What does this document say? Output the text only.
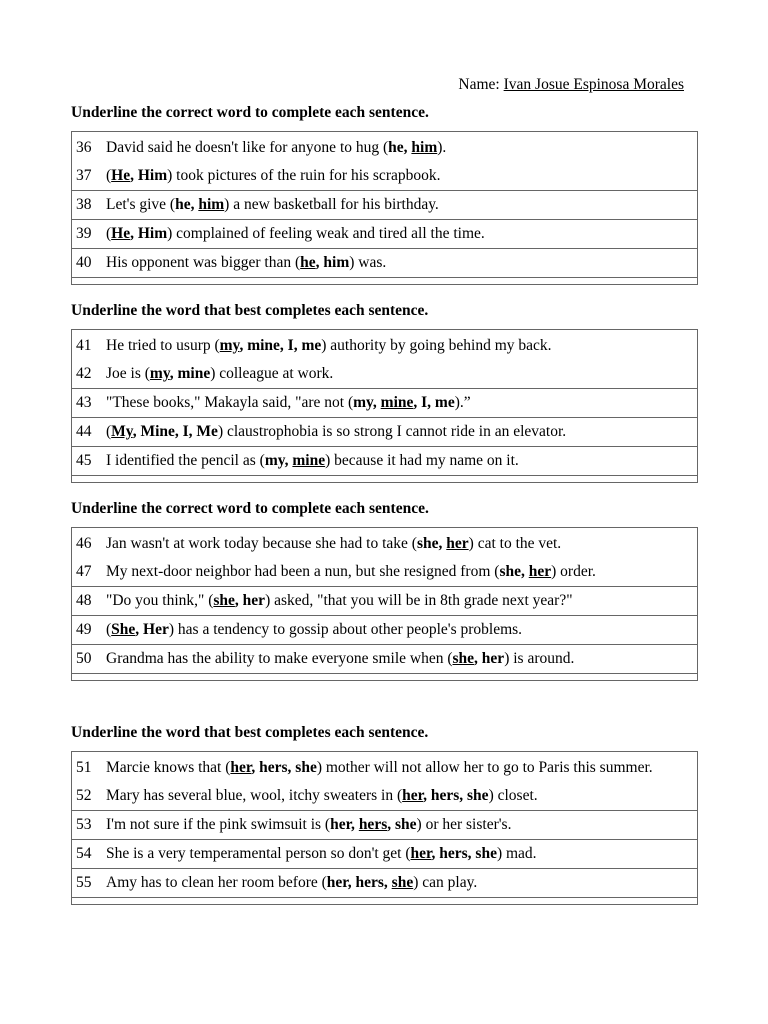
Name: Ivan Josue Espinosa Morales
Underline the correct word to complete each sentence.
36 David said he doesn't like for anyone to hug (he, him).
37 (He, Him) took pictures of the ruin for his scrapbook.
38 Let's give (he, him) a new basketball for his birthday.
39 (He, Him) complained of feeling weak and tired all the time.
40 His opponent was bigger than (he, him) was.
Underline the word that best completes each sentence.
41 He tried to usurp (my, mine, I, me) authority by going behind my back.
42 Joe is (my, mine) colleague at work.
43 "These books," Makayla said, "are not (my, mine, I, me).”
44 (My, Mine, I, Me) claustrophobia is so strong I cannot ride in an elevator.
45 I identified the pencil as (my, mine) because it had my name on it.
Underline the correct word to complete each sentence.
46 Jan wasn't at work today because she had to take (she, her) cat to the vet.
47 My next-door neighbor had been a nun, but she resigned from (she, her) order.
48 "Do you think," (she, her) asked, "that you will be in 8th grade next year?"
49 (She, Her) has a tendency to gossip about other people's problems.
50 Grandma has the ability to make everyone smile when (she, her) is around.
Underline the word that best completes each sentence.
51 Marcie knows that (her, hers, she) mother will not allow her to go to Paris this summer.
52 Mary has several blue, wool, itchy sweaters in (her, hers, she) closet.
53 I'm not sure if the pink swimsuit is (her, hers, she) or her sister's.
54 She is a very temperamental person so don't get (her, hers, she) mad.
55 Amy has to clean her room before (her, hers, she) can play.
